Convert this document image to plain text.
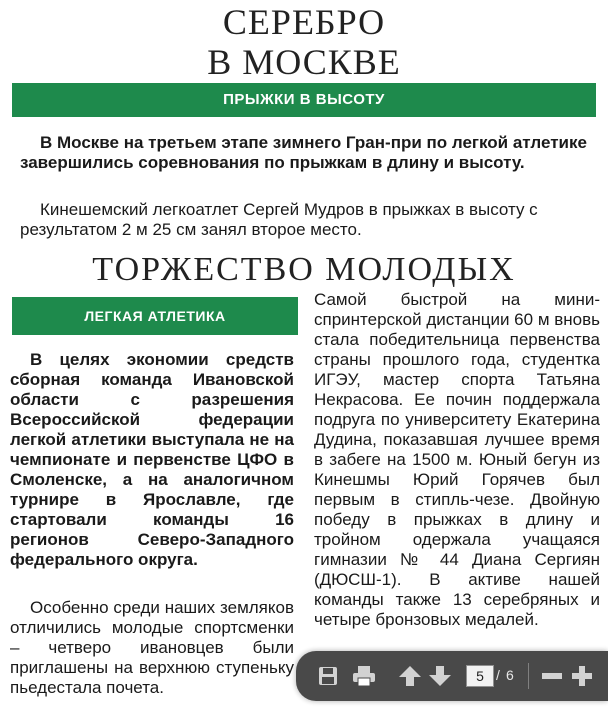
СЕРЕБРО
В МОСКВЕ
ПРЫЖКИ В ВЫСОТУ

В Москве на третьем этапе зимнего Гран-при по легкой атлетике завершились соревнования по прыжкам в длину и высоту.

Кинешемский легкоатлет Сергей Мудров в прыжках в высоту с результатом 2 м 25 см занял второе место.

ТОРЖЕСТВО МОЛОДЫХ
ЛЕГКАЯ АТЛЕТИКА

В целях экономии средств сборная команда Ивановской области с разрешения Всероссийской федерации легкой атлетики выступала не на чемпионате и первенстве ЦФО в Смоленске, а на аналогичном турнире в Ярославле, где стартовали команды 16 регионов Северо-Западного федерального округа.

Особенно среди наших земляков отличились молодые спортсменки – четверо ивановцев были приглашены на верхнюю ступеньку пьедестала почета.

Самой быстрой на мини-спринтерской дистанции 60 м вновь стала победительница первенства страны прошлого года, студентка ИГЭУ, мастер спорта Татьяна Некрасова. Ее почин поддержала подруга по университету Екатерина Дудина, показавшая лучшее время в забеге на 1500 м. Юный бегун из Кинешмы Юрий Горячев был первым в стипль-чезе. Двойную победу в прыжках в длину и тройном одержала учащаяся гимназии № 44 Диана Сергиян (ДЮСШ-1). В активе нашей команды также 13 серебряных и четыре бронзовых медалей.

5 / 6
